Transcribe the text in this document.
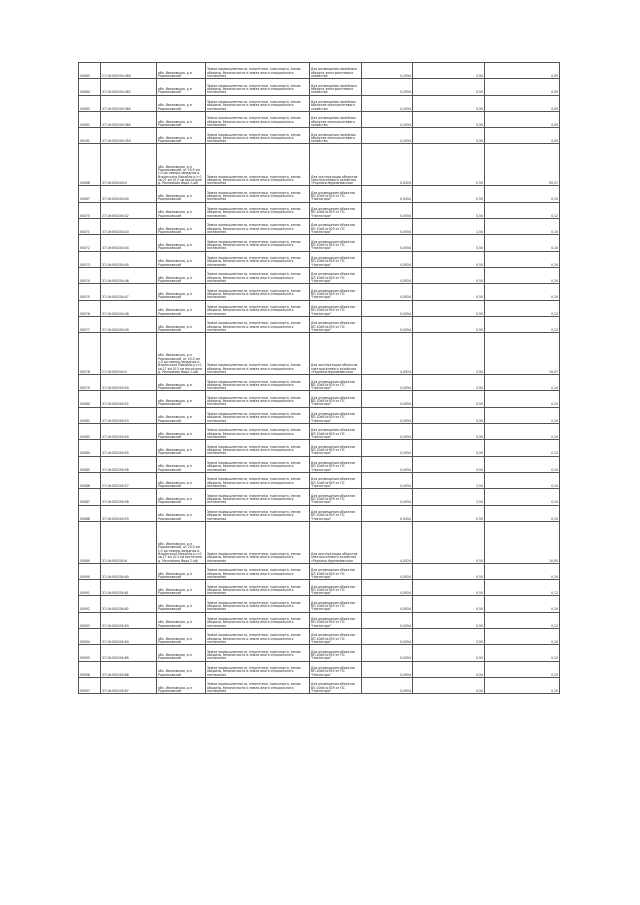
00065	27:16:050204:369	обл. Ивановская, р-н Родниковский	Земли промышленности, энергетики, транспорта, земли обороны, безопасности и земли иного специального назначения	Для размещения линейного объекта электросетевого хозяйства	0,2054	2,50	0,05
00064	37:16:050204:362	обл. Ивановская, р-н Родниковский	Земли промышленности, энергетики, транспорта, земли обороны, безопасности и земли иного специального назначения	Для размещения линейного объекта электросетевого хозяйства	0,2054	0,50	0,05
00063	37:16:050204:360	обл. Ивановская, р-н Родниковский	Земли промышленности, энергетики, транспорта, земли обороны, безопасности и земли иного специального назначения	Для размещения линейных объектов электросетевого хозяйства	0,2054	0,50	0,05
00062	37:16:050204:364	обл. Ивановская, р-н Родниковский	Земли промышленности, энергетики, транспорта, земли обороны, безопасности и земли иного специального назначения	Для размещения линейных объектов электросетевого хозяйства	0,2054	0,50	0,05
00161	37:16:050204:350	обл. Ивановская, р-н Родниковский	Земли промышленности, энергетики, транспорта, земли обороны, безопасности и земли иного специального назначения	Для размещения линейных объектов электросетевого хозяйства	0,2054	0,50	0,05
00066	37:16:050204:4	обл. Ивановская, р-н Родниковский, от 20.5 км с.0 до северо-западная и Ильинского Михайло р-н 0 кв.27 км (0.5 км восточнее д. Малчиково Ивда 2-ой)	Земли промышленности, энергетики, транспорта, земли обороны, безопасности и земли иного специального назначения	Для эксплуатации объектов электросетевого хозяйства «Родники-Фурмановская»	0,0024	0,50	00,07
00067	37:16:050204:40	обл. Ивановская, р-н Родниковский	Земли промышленности, энергетики, транспорта, земли обороны, безопасности и земли иного специального назначения	Для размещения объектов ВЛ-10кВ №929 от ПС "Никтигоро"	0,0054	0,50	0,10
00070	27:16:050204:42	обл. Ивановская, р-н Родниковский	Земли промышленности, энергетики, транспорта, земли обороны, безопасности и земли иного специального назначения	Для размещения объектов ВЛ-10кВ №929 от ПС "Никтигоро"	0,0054	0,50	0,12
00071	37:16:050204:43	обл. Ивановская, р-н Родниковский	Земли промышленности, энергетики, транспорта, земли обороны, безопасности и земли иного специального назначения	Для размещения объектов ВЛ-10кВ №929 от ПС "Никтигоро"	0,0054	2,50	0,10
00072	37:16:050204:44	обл. Ивановская, р-н Родниковский	Земли промышленности, энергетики, транспорта, земли обороны, безопасности и земли иного специального назначения	Для размещения объектов ВЛ-10кВ №929 от ПС "Никтигоро"	0,0054	0,50	0,10
00073	37:16:050204:45	обл. Ивановская, р-н Родниковский	Земли промышленности, энергетики, транспорта, земли обороны, безопасности и земли иного специального назначения	Для размещения объектов ВЛ-10кВ №929 от ПС "Никтигоро"	0,0054	0,50	0,10
00074	37:16:050204:46	обл. Ивановская, р-н Родниковский	Земли промышленности, энергетики, транспорта, земли обороны, безопасности и земли иного специального назначения	Для размещения объектов ВЛ-10кВ №929 от ПС "Никтигоро"	0,0054	0,50	0,10
00075	37:16:050204:47	обл. Ивановская, р-н Родниковский	Земли промышленности, энергетики, транспорта, земли обороны, безопасности и земли иного специального назначения	Для размещения объектов ВЛ-10кВ №929 от ПС "Никтигоро"	0,0054	0,50	0,10
00076	37:16:050204:48	обл. Ивановская, р-н Родниковский	Земли промышленности, энергетики, транспорта, земли обороны, безопасности и земли иного специального назначения	Для размещения объектов ВЛ-10кВ №929 от ПС "Никтигоро"	0,0054	0,50	0,12
00077	37:16:050204:49	обл. Ивановская, р-н Родниковский	Земли промышленности, энергетики, транспорта, земли обороны, безопасности и земли иного специального назначения	Для размещения объектов ВЛ-10кВ №929 от ПС "Никтигоро"	0,0054	0,50	0,12
00078	27:16:050204:5	обл. Ивановская, р-н Родниковский, от 20.5 км с.0 до северо-западная и Ильинского Михайло р-н 0 кв.27 км (0.5 км восточнее д. Малчиково Ивда 2-ой)	Земли промышленности, энергетики, транспорта, земли обороны, безопасности и земли иного специального назначения	Для эксплуатации объектов электросетевого хозяйства «Родники-Фурмановская»	4,0024	2,50	10,07
00079	37:16:050204:50	обл. Ивановская, р-н Родниковский	Земли промышленности, энергетики, транспорта, земли обороны, безопасности и земли иного специального назначения	Для размещения объектов ВЛ-10кВ №929 от ПС "Никтигоро"	0,0054	2,50	0,10
00080	37:16:050204:52	обл. Ивановская, р-н Родниковский	Земли промышленности, энергетики, транспорта, земли обороны, безопасности и земли иного специального назначения	Для размещения объектов ВЛ-10кВ №929 от ПС "Никтигоро"	0,0054	0,50	0,10
00082	37:16:050204:53	обл. Ивановская, р-н Родниковский	Земли промышленности, энергетики, транспорта, земли обороны, безопасности и земли иного специального назначения	Для размещения объектов ВЛ-10кВ №929 от ПС "Никтигоро"	0,0054	0,50	0,10
00083	37:16:050204:54	обл. Ивановская, р-н Родниковский	Земли промышленности, энергетики, транспорта, земли обороны, безопасности и земли иного специального назначения	Для размещения объектов ВЛ-10кВ №929 от ПС "Никтигоро"	0,0054	0,50	0,10
00084	37:16:050204:55	обл. Ивановская, р-н Родниковский	Земли промышленности, энергетики, транспорта, земли обороны, безопасности и земли иного специального назначения	Для размещения объектов ВЛ-10кВ №929 от ПС "Никтигоро"	0,0054	0,50	0,12
00085	37:16:050204:56	обл. Ивановская, р-н Родниковский	Земли промышленности, энергетики, транспорта, земли обороны, безопасности и земли иного специального назначения	Для размещения объектов ВЛ-10кВ №929 от ПС "Никтигоро"	0,0054	0,50	0,10
00086	27:16:050204:57	обл. Ивановская, р-н Родниковский	Земли промышленности, энергетики, транспорта, земли обороны, безопасности и земли иного специального назначения	Для размещения объектов ВЛ-10кВ №929 от ПС "Никтигоро"	0,0054	2,50	0,10
00087	37:16:050204:58	обл. Ивановская, р-н Родниковский	Земли промышленности, энергетики, транспорта, земли обороны, безопасности и земли иного специального назначения	Для размещения объектов ВЛ-10кВ №929 от ПС "Никтигоро"	0,0054	2,50	0,10
00088	37:16:050204:59	обл. Ивановская, р-н Родниковский	Земли промышленности, энергетики, транспорта, земли обороны, безопасности и земли иного специального назначения	Для размещения объектов ВЛ-10кВ №929 от ПС "Никтигоро"	0,0054	0,50	0,10
00089	37:16:050204:6	обл. Ивановская, р-н Родниковский, от 20.5 км с.0 до северо-западная и Ильинского Михайло р-н 0 кв.27 км (0.5 км восточнее д. Малчиково Ивда 2-ой)	Земли промышленности, энергетики, транспорта, земли обороны, безопасности и земли иного специального назначения	Для эксплуатации объектов электросетевого хозяйства «Родники-Фурмановская»	4,0024	0,50	10,00
00090	37:16:050204:60	обл. Ивановская, р-н Родниковский	Земли промышленности, энергетики, транспорта, земли обороны, безопасности и земли иного специального назначения	Для размещения объектов ВЛ-10кВ №929 от ПС "Никтигоро"	0,0054	0,50	0,10
00091	37:16:050204:61	обл. Ивановская, р-н Родниковский	Земли промышленности, энергетики, транспорта, земли обороны, безопасности и земли иного специального назначения	Для размещения объектов ВЛ-10кВ №929 от ПС "Никтигоро"	0,0054	0,50	0,12
00092	37:16:050204:62	обл. Ивановская, р-н Родниковский	Земли промышленности, энергетики, транспорта, земли обороны, безопасности и земли иного специального назначения	Для размещения объектов ВЛ-10кВ №929 от ПС "Никтигоро"	0,0054	0,50	0,10
00093	37:16:050204:63	обл. Ивановская, р-н Родниковский	Земли промышленности, энергетики, транспорта, земли обороны, безопасности и земли иного специального назначения	Для размещения объектов ВЛ-10кВ №929 от ПС "Никтигоро"	0,0054	0,50	0,12
00094	37:16:050204:64	обл. Ивановская, р-н Родниковский	Земли промышленности, энергетики, транспорта, земли обороны, безопасности и земли иного специального назначения	Для размещения объектов ВЛ-10кВ №929 от ПС "Никтигоро"	0,0054	2,50	0,10
00095	37:16:050204:65	обл. Ивановская, р-н Родниковский	Земли промышленности, энергетики, транспорта, земли обороны, безопасности и земли иного специального назначения	Для размещения объектов ВЛ-10кВ №929 от ПС "Никтигоро"	0,0054	0,50	0,10
00096	37:16:050204:66	обл. Ивановская, р-н Родниковский	Земли промышленности, энергетики, транспорта, земли обороны, безопасности и земли иного специального назначения	Для размещения объектов ВЛ-10кВ №929 от ПС "Никтигоро"	0,0054	0,50	0,10
00097	37:16:050204:67	обл. Ивановская, р-н Родниковский	Земли промышленности, энергетики, транспорта, земли обороны, безопасности и земли иного специального назначения	Для размещения объектов ВЛ-10кВ №929 от ПС "Никтигоро"	0,0054	0,50	0,10
